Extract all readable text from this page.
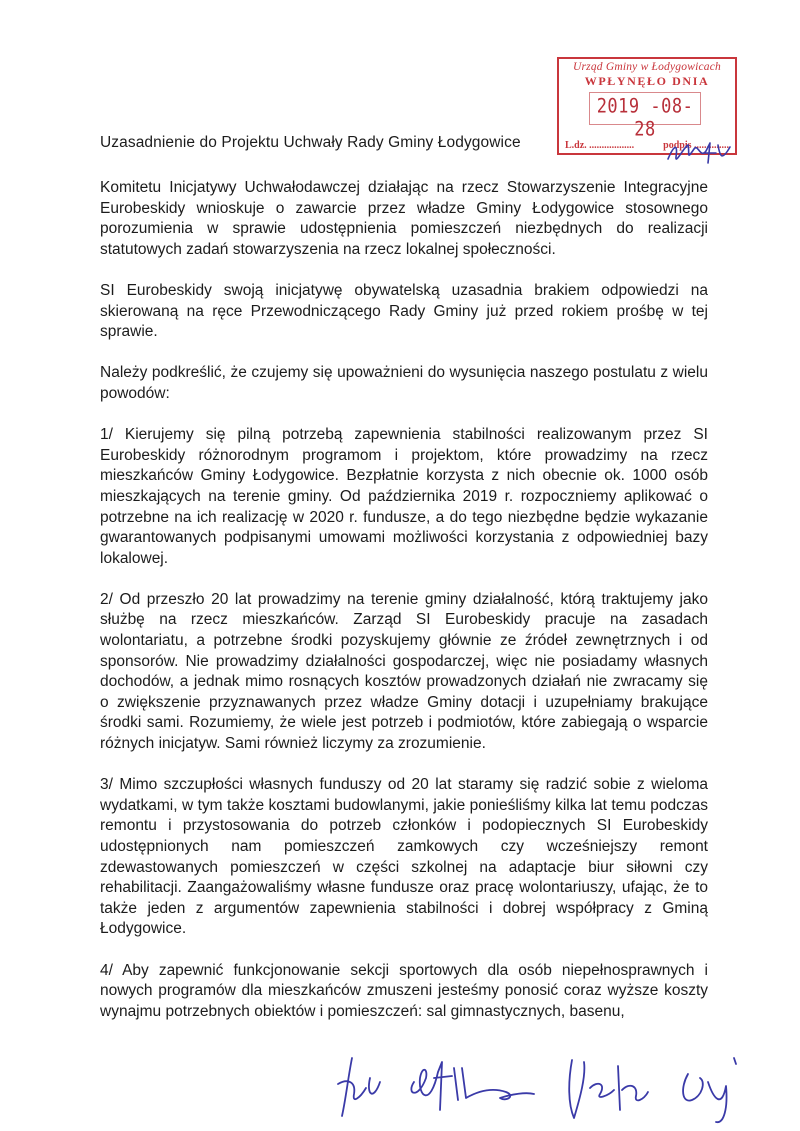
Urząd Gminy w Łodygowicach
WPŁYNĘŁO DNIA
2019 -08- 28
L.dz. ..................	podpis ..............
Uzasadnienie do Projektu Uchwały Rady Gminy Łodygowice

Komitetu Inicjatywy Uchwałodawczej działając na rzecz Stowarzyszenie Integracyjne Eurobeskidy wnioskuje o zawarcie przez władze Gminy Łodygowice stosownego porozumienia w sprawie udostępnienia pomieszczeń niezbędnych do realizacji statutowych zadań stowarzyszenia na rzecz lokalnej społeczności.

SI Eurobeskidy swoją inicjatywę obywatelską uzasadnia brakiem odpowiedzi na skierowaną na ręce Przewodniczącego Rady Gminy już przed rokiem prośbę w tej sprawie.

Należy podkreślić, że czujemy się upoważnieni do wysunięcia naszego postulatu z wielu powodów:

1/ Kierujemy się pilną potrzebą zapewnienia stabilności realizowanym przez SI Eurobeskidy różnorodnym programom i projektom, które prowadzimy na rzecz mieszkańców Gminy Łodygowice. Bezpłatnie korzysta z nich obecnie ok. 1000 osób mieszkających na terenie gminy. Od października 2019 r. rozpoczniemy aplikować o potrzebne na ich realizację w 2020 r. fundusze, a do tego niezbędne będzie wykazanie gwarantowanych podpisanymi umowami możliwości korzystania z odpowiedniej bazy lokalowej.

2/ Od przeszło 20 lat prowadzimy na terenie gminy działalność, którą traktujemy jako służbę na rzecz mieszkańców. Zarząd SI Eurobeskidy pracuje na zasadach wolontariatu, a potrzebne środki pozyskujemy głównie ze źródeł zewnętrznych i od sponsorów. Nie prowadzimy działalności gospodarczej, więc nie posiadamy własnych dochodów, a jednak mimo rosnących kosztów prowadzonych działań nie zwracamy się o zwiększenie przyznawanych przez władze Gminy dotacji i uzupełniamy brakujące środki sami. Rozumiemy, że wiele jest potrzeb i podmiotów, które zabiegają o wsparcie różnych inicjatyw. Sami również liczymy za zrozumienie.

3/ Mimo szczupłości własnych funduszy od 20 lat staramy się radzić sobie z wieloma wydatkami, w tym także kosztami budowlanymi, jakie ponieśliśmy kilka lat temu podczas remontu i przystosowania do potrzeb członków i podopiecznych SI Eurobeskidy udostępnionych nam pomieszczeń zamkowych czy wcześniejszy remont zdewastowanych pomieszczeń w części szkolnej na adaptacje biur siłowni czy rehabilitacji. Zaangażowaliśmy własne fundusze oraz pracę wolontariuszy, ufając, że to także jeden z argumentów zapewnienia stabilności i dobrej współpracy z Gminą Łodygowice.

4/ Aby zapewnić funkcjonowanie sekcji sportowych dla osób niepełnosprawnych i nowych programów dla mieszkańców zmuszeni jesteśmy ponosić coraz wyższe koszty wynajmu potrzebnych obiektów i pomieszczeń: sal gimnastycznych, basenu,
